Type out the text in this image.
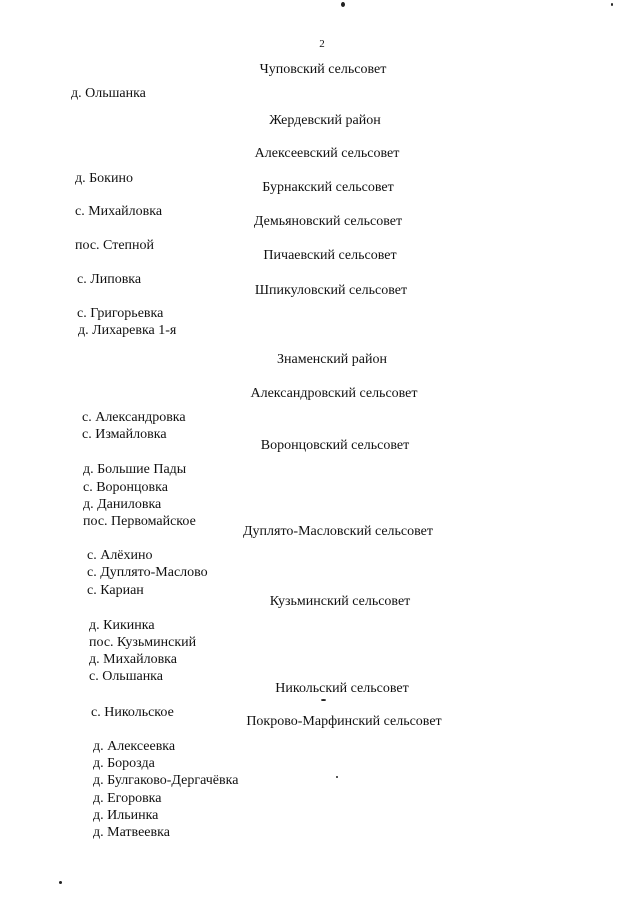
2
Чуповский сельсовет
д. Ольшанка
Жердевский район
Алексеевский сельсовет
д. Бокино
Бурнакский сельсовет
с. Михайловка
Демьяновский сельсовет
пос. Степной
Пичаевский сельсовет
с. Липовка
Шпикуловский сельсовет
с. Григорьевка
д. Лихаревка 1-я
Знаменский район
Александровский сельсовет
с. Александровка
с. Измайловка
Воронцовский сельсовет
д. Большие Пады
с. Воронцовка
д. Даниловка
пос. Первомайское
Дуплято-Масловский сельсовет
с. Алёхино
с. Дуплято-Маслово
с. Кариан
Кузьминский сельсовет
д. Кикинка
пос. Кузьминский
д. Михайловка
с. Ольшанка
Никольский сельсовет
с. Никольское
Покрово-Марфинский сельсовет
д. Алексеевка
д. Борозда
д. Булгаково-Дергачёвка
д. Егоровка
д. Ильинка
д. Матвеевка
